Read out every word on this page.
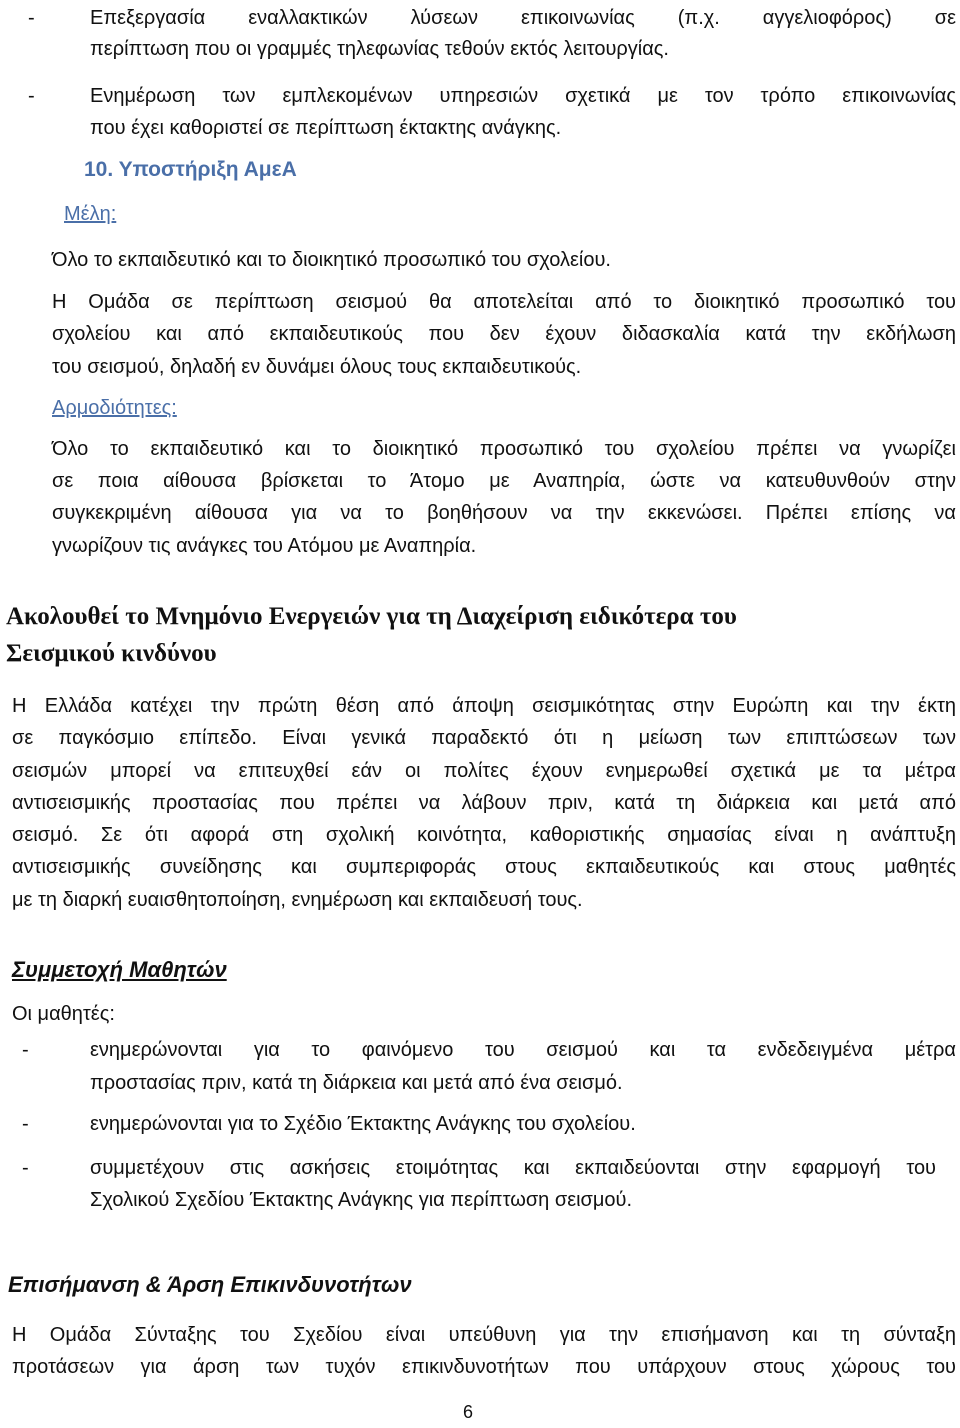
-	Επεξεργασία εναλλακτικών λύσεων επικοινωνίας (π.χ. αγγελιοφόρος) σε
περίπτωση που οι γραμμές τηλεφωνίας τεθούν εκτός λειτουργίας.
-	Ενημέρωση των εμπλεκομένων υπηρεσιών σχετικά με τον τρόπο επικοινωνίας
που έχει καθοριστεί σε περίπτωση έκτακτης ανάγκης.
10. Υποστήριξη ΑμεΑ
Μέλη:
Όλο το εκπαιδευτικό και το διοικητικό προσωπικό του σχολείου.
Η Ομάδα σε περίπτωση σεισμού θα αποτελείται από το διοικητικό προσωπικό του
σχολείου και από εκπαιδευτικούς που δεν έχουν διδασκαλία κατά την εκδήλωση
του σεισμού, δηλαδή εν δυνάμει όλους τους εκπαιδευτικούς.
Αρμοδιότητες:
Όλο το εκπαιδευτικό και το διοικητικό προσωπικό του σχολείου πρέπει να γνωρίζει
σε ποια αίθουσα βρίσκεται το Άτομο με Αναπηρία, ώστε να κατευθυνθούν στην
συγκεκριμένη αίθουσα για να το βοηθήσουν να την εκκενώσει. Πρέπει επίσης να
γνωρίζουν τις ανάγκες του Ατόμου με Αναπηρία.
Ακολουθεί το Μνημόνιο Ενεργειών για τη Διαχείριση ειδικότερα του
Σεισμικού κινδύνου
Η Ελλάδα κατέχει την πρώτη θέση από άποψη σεισμικότητας στην Ευρώπη και την έκτη
σε παγκόσμιο επίπεδο. Είναι γενικά παραδεκτό ότι η μείωση των επιπτώσεων των
σεισμών μπορεί να επιτευχθεί εάν οι πολίτες έχουν ενημερωθεί σχετικά με τα μέτρα
αντισεισμικής προστασίας που πρέπει να λάβουν πριν, κατά τη διάρκεια και μετά από
σεισμό. Σε ότι αφορά στη σχολική κοινότητα, καθοριστικής σημασίας είναι η ανάπτυξη
αντισεισμικής συνείδησης και συμπεριφοράς στους εκπαιδευτικούς και στους μαθητές
με τη διαρκή ευαισθητοποίηση, ενημέρωση και εκπαιδευσή τους.
Συμμετοχή Μαθητών
Οι μαθητές:
-	ενημερώνονται για το φαινόμενο του σεισμού και τα ενδεδειγμένα μέτρα
προστασίας πριν, κατά τη διάρκεια και μετά από ένα σεισμό.
-	ενημερώνονται για το Σχέδιο Έκτακτης Ανάγκης του σχολείου.
-	συμμετέχουν στις ασκήσεις ετοιμότητας και εκπαιδεύονται στην εφαρμογή του
Σχολικού Σχεδίου Έκτακτης Ανάγκης για περίπτωση σεισμού.
Επισήμανση & Άρση Επικινδυνοτήτων
Η Ομάδα Σύνταξης του Σχεδίου είναι υπεύθυνη για την επισήμανση και τη σύνταξη
προτάσεων για άρση των τυχόν επικινδυνοτήτων που υπάρχουν στους χώρους του
6
